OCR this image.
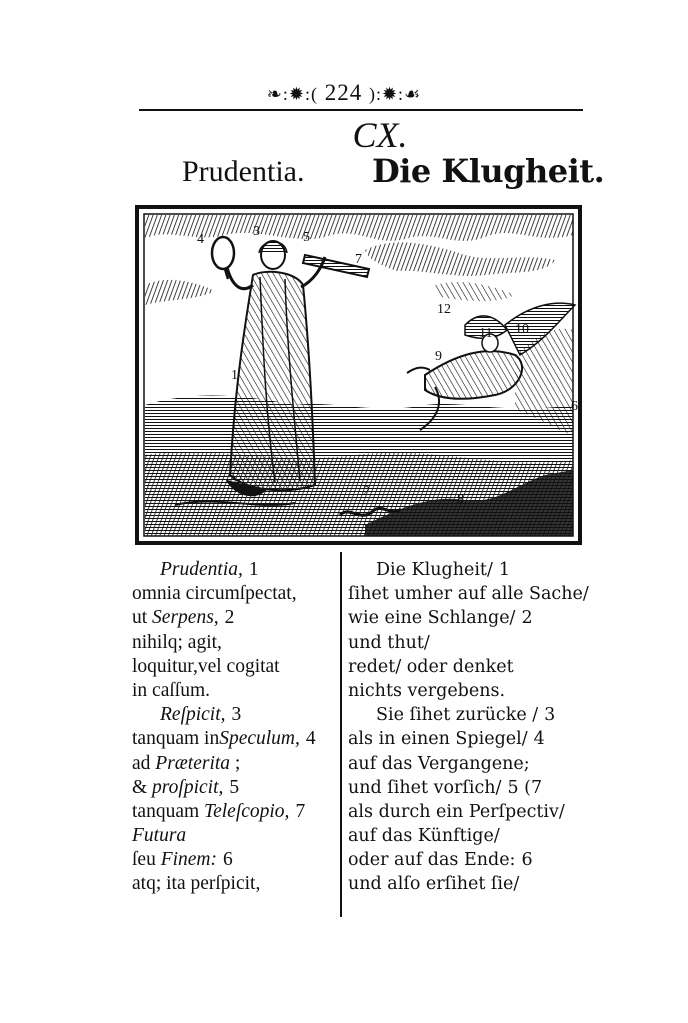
❧:✹:( 224 ):✹:☙
CX.
Prudentia. Die Klugheit.
1
2
3
4	5
6
7
8
9
10
11
12
Prudentia, 1
omnia circumſpectat,
ut Serpens, 2
nihilq; agit,
loquitur,vel cogitat
in caſſum.
Reſpicit, 3
tanquam inSpeculum, 4
ad Præterita ;
& proſpicit, 5
tanquam Teleſcopio, 7
Futura
ſeu Finem: 6
atq; ita perſpicit,
Die Klugheit/ 1
ſihet umher auf alle Sache/
wie eine Schlange/ 2
und thut/
redet/ oder denket
nichts vergebens.
Sie ſihet zurücke / 3
als in einen Spiegel/ 4
auf das Vergangene;
und ſihet vorſich/ 5 (7
als durch ein Perſpectiv/
auf das Künftige/
oder auf das Ende: 6
und alſo erſihet ſie/
